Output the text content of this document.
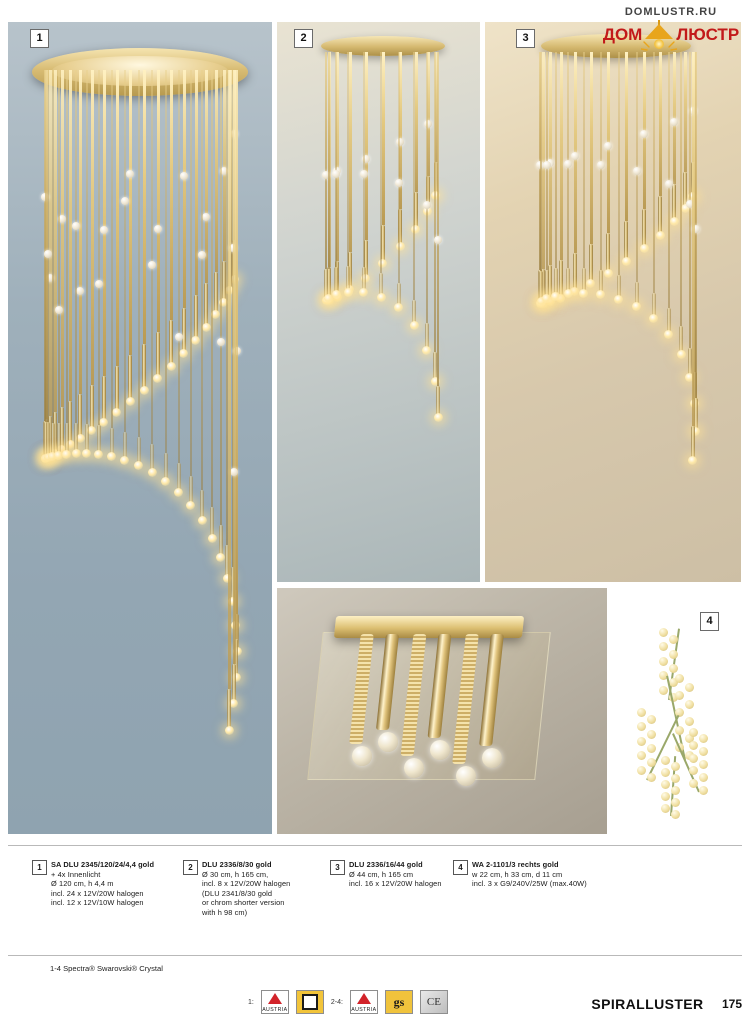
DOMLUSTR.RU
ДОМ ЛЮСТР
1	2	3
4
1	SA DLU 2345/120/24/4,4 gold
+ 4x Innenlicht
Ø 120 cm, h 4,4 m
incl. 24 x 12V/20W halogen
incl. 12 x 12V/10W halogen
2	DLU 2336/8/30 gold
Ø 30 cm, h 165 cm,
incl. 8 x 12V/20W halogen
(DLU 2341/8/30 gold
or chrom shorter version
with h 98 cm)
3	DLU 2336/16/44 gold
Ø 44 cm, h 165 cm
incl. 16 x 12V/20W halogen
4	WA 2-1101/3 rechts gold
w 22 cm, h 33 cm, d 11 cm
incl. 3 x G9/240V/25W (max.40W)
1-4 Spectra® Swarovski® Crystal
1:
AUSTRIA
2-4:
AUSTRIA
gs	CE	SPIRALLUSTER 175
